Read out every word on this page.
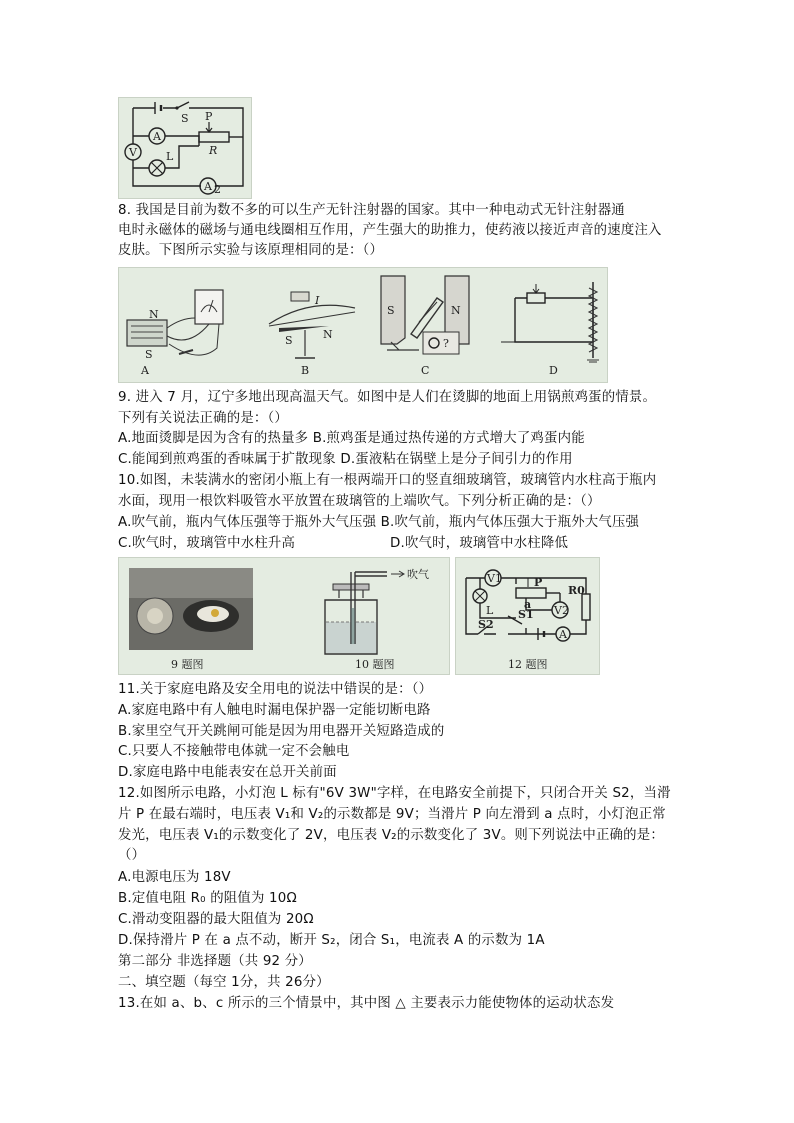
S
A
L
V
P
R
A 2
8. 我国是目前为数不多的可以生产无针注射器的国家。其中一种电动式无针注射器通
电时永磁体的磁场与通电线圈相互作用，产生强大的助推力，使药液以接近声音的速度注入
皮肤。下图所示实验与该原理相同的是：（）
N
S
A
I
S	N
B
S	N
?
C	D
9. 进入 7 月，辽宁多地出现高温天气。如图中是人们在烫脚的地面上用锅煎鸡蛋的情景。
下列有关说法正确的是：（）
A.地面烫脚是因为含有的热量多 B.煎鸡蛋是通过热传递的方式增大了鸡蛋内能
C.能闻到煎鸡蛋的香味属于扩散现象 D.蛋液粘在锅壁上是分子间引力的作用
10.如图，未装满水的密闭小瓶上有一根两端开口的竖直细玻璃管，玻璃管内水柱高于瓶内
水面，现用一根饮料吸管水平放置在玻璃管的上端吹气。下列分析正确的是：（）
A.吹气前，瓶内气体压强等于瓶外大气压强 B.吹气前，瓶内气体压强大于瓶外大气压强
C.吹气时，玻璃管中水柱升高	D.吹气时，玻璃管中水柱降低
9 题图
吹气
10 题图
V1
L
P
a
R0
V2
S1
S2
A
12 题图
11.关于家庭电路及安全用电的说法中错误的是：（）
A.家庭电路中有人触电时漏电保护器一定能切断电路
B.家里空气开关跳闸可能是因为用电器开关短路造成的
C.只要人不接触带电体就一定不会触电
D.家庭电路中电能表安在总开关前面
12.如图所示电路，小灯泡 L 标有"6V 3W"字样，在电路安全前提下，只闭合开关 S2，当滑
片 P 在最右端时，电压表 V₁和 V₂的示数都是 9V；当滑片 P 向左滑到 a 点时，小灯泡正常
发光，电压表 V₁的示数变化了 2V，电压表 V₂的示数变化了 3V。则下列说法中正确的是：
（）
A.电源电压为 18V
B.定值电阻 R₀ 的阻值为 10Ω
C.滑动变阻器的最大阻值为 20Ω
D.保持滑片 P 在 a 点不动，断开 S₂，闭合 S₁，电流表 A 的示数为 1A
第二部分 非选择题（共 92 分）
二、填空题（每空 1分，共 26分）
13.在如 a、b、c 所示的三个情景中，其中图 △ 主要表示力能使物体的运动状态发
